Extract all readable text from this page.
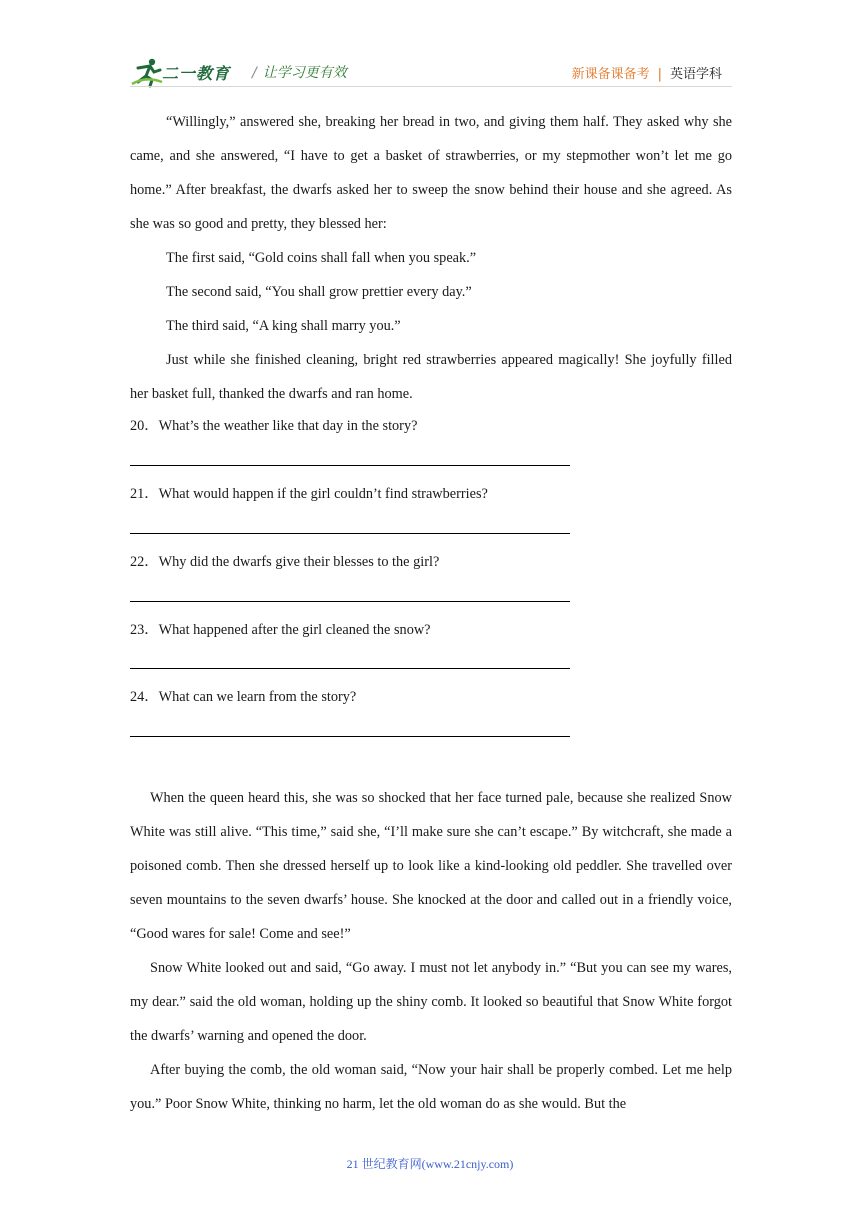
二一教育 / 让学习更有效	新课备课备考 | 英语学科

“Willingly,” answered she, breaking her bread in two, and giving them half. They asked why she came, and she answered, “I have to get a basket of strawberries, or my stepmother won’t let me go home.” After breakfast, the dwarfs asked her to sweep the snow behind their house and she agreed. As she was so good and pretty, they blessed her:

The first said, “Gold coins shall fall when you speak.”

The second said, “You shall grow prettier every day.”

The third said, “A king shall marry you.”

Just while she finished cleaning, bright red strawberries appeared magically! She joyfully filled her basket full, thanked the dwarfs and ran home.

20．What’s the weather like that day in the story?
21．What would happen if the girl couldn’t find strawberries?
22．Why did the dwarfs give their blesses to the girl?
23．What happened after the girl cleaned the snow?
24．What can we learn from the story?

When the queen heard this, she was so shocked that her face turned pale, because she realized Snow White was still alive. “This time,” said she, “I’ll make sure she can’t escape.” By witchcraft, she made a poisoned comb. Then she dressed herself up to look like a kind-looking old peddler. She travelled over seven mountains to the seven dwarfs’ house. She knocked at the door and called out in a friendly voice, “Good wares for sale! Come and see!”

Snow White looked out and said, “Go away. I must not let anybody in.” “But you can see my wares, my dear.” said the old woman, holding up the shiny comb. It looked so beautiful that Snow White forgot the dwarfs’ warning and opened the door.

After buying the comb, the old woman said, “Now your hair shall be properly combed. Let me help you.” Poor Snow White, thinking no harm, let the old woman do as she would. But the

21 世纪教育网(www.21cnjy.com)
